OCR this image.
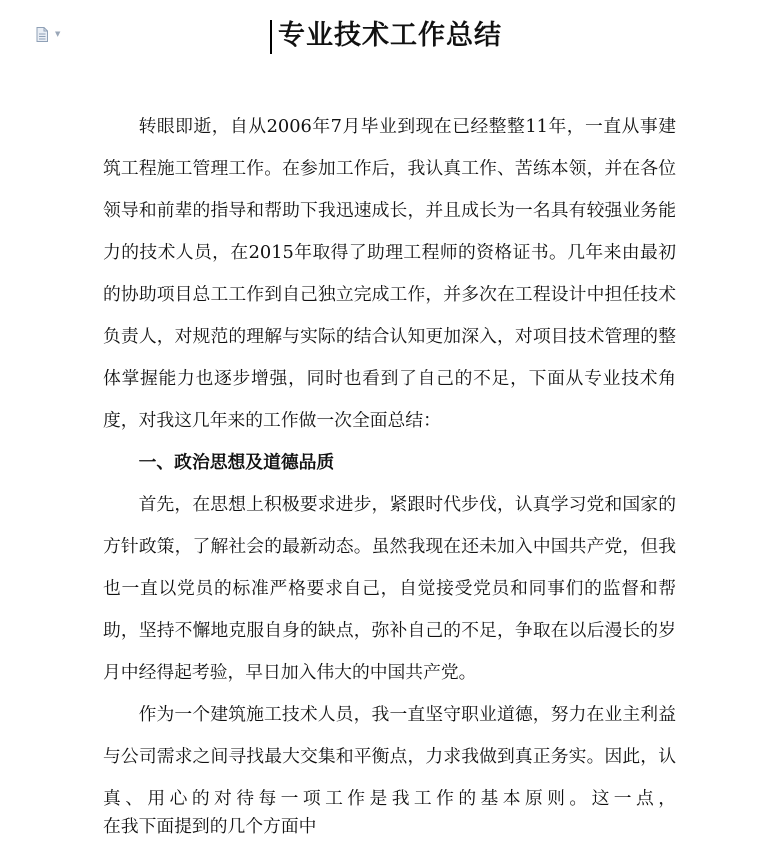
▼	专业技术工作总结

转眼即逝，自从2006年7月毕业到现在已经整整11年，一直从事建筑工程施工管理工作。在参加工作后，我认真工作、苦练本领，并在各位领导和前辈的指导和帮助下我迅速成长，并且成长为一名具有较强业务能力的技术人员，在2015年取得了助理工程师的资格证书。几年来由最初的协助项目总工工作到自己独立完成工作，并多次在工程设计中担任技术负责人，对规范的理解与实际的结合认知更加深入，对项目技术管理的整体掌握能力也逐步增强，同时也看到了自己的不足，下面从专业技术角度，对我这几年来的工作做一次全面总结：

一、政治思想及道德品质

首先，在思想上积极要求进步，紧跟时代步伐，认真学习党和国家的方针政策，了解社会的最新动态。虽然我现在还未加入中国共产党，但我也一直以党员的标准严格要求自己，自觉接受党员和同事们的监督和帮助，坚持不懈地克服自身的缺点，弥补自己的不足，争取在以后漫长的岁月中经得起考验，早日加入伟大的中国共产党。

作为一个建筑施工技术人员，我一直坚守职业道德，努力在业主利益与公司需求之间寻找最大交集和平衡点，力求我做到真正务实。因此，认真、用心的对待每一项工作是我工作的基本原则。这一点，

在我下面提到的几个方面中
